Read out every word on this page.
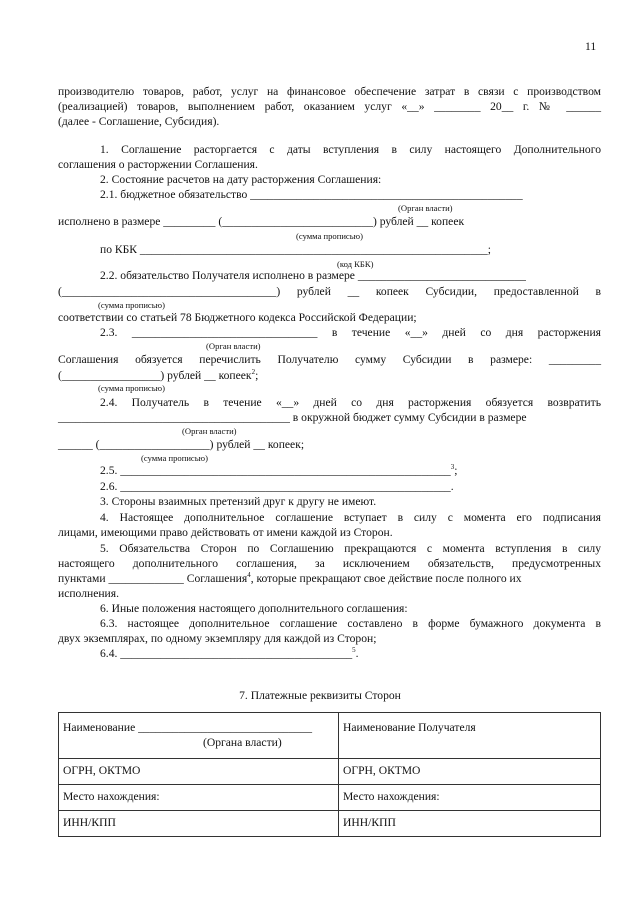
11
производителю товаров, работ, услуг на финансовое обеспечение затрат в связи с производством
(реализацией) товаров, выполнением работ, оказанием услуг «__» ________ 20__ г. № ______
(далее - Соглашение, Субсидия).
1. Соглашение расторгается с даты вступления в силу настоящего Дополнительного
соглашения о расторжении Соглашения.
2. Состояние расчетов на дату расторжения Соглашения:
2.1. бюджетное обязательство _______________________________________________
(Орган власти)
исполнено в размере _________ (__________________________) рублей __ копеек
(сумма прописью)
по КБК ____________________________________________________________;
(код КБК)
2.2. обязательство Получателя исполнено в размере _____________________________
(_____________________________________) рублей __ копеек Субсидии, предоставленной в
(сумма прописью)
соответствии со статьей 78 Бюджетного кодекса Российской Федерации;
2.3. ________________________________ в течение «__» дней со дня расторжения
(Орган власти)
Соглашения обязуется перечислить Получателю сумму Субсидии в размере: _________
(_________________) рублей __ копеек$^2$;
(сумма прописью)
2.4. Получатель в течение «__» дней со дня расторжения обязуется возвратить
________________________________________ в окружной бюджет сумму Субсидии в размере
(Орган власти)
______ (___________________) рублей __ копеек;
(сумма прописью)
2.5. _________________________________________________________$^3$;
2.6. _________________________________________________________.
3. Стороны взаимных претензий друг к другу не имеют.
4. Настоящее дополнительное соглашение вступает в силу с момента его подписания
лицами, имеющими право действовать от имени каждой из Сторон.
5. Обязательства Сторон по Соглашению прекращаются с момента вступления в силу
настоящего дополнительного соглашения, за исключением обязательств, предусмотренных
пунктами _____________ Соглашения$^4$, которые прекращают свое действие после полного их
исполнения.
6. Иные положения настоящего дополнительного соглашения:
6.3. настоящее дополнительное соглашение составлено в форме бумажного документа в
двух экземплярах, по одному экземпляру для каждой из Сторон;
6.4. ________________________________________$^5$.
7. Платежные реквизиты Сторон
Наименование ______________________________
(Органа власти)	Наименование Получателя

ОГРН, ОКТМО	ОГРН, ОКТМО

Место нахождения:	Место нахождения:

ИНН/КПП	ИНН/КПП
